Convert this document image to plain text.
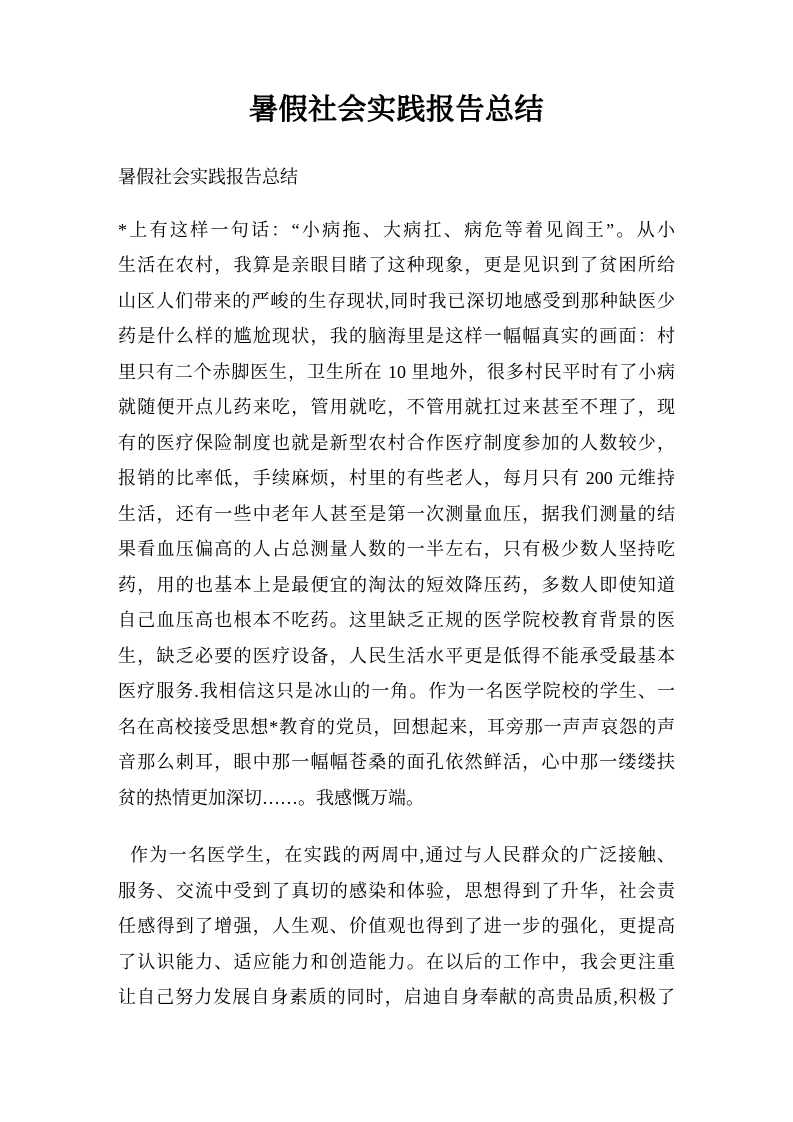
暑假社会实践报告总结
暑假社会实践报告总结
*上有这样一句话：“小病拖、大病扛、病危等着见阎王”。从小
生活在农村，我算是亲眼目睹了这种现象，更是见识到了贫困所给
山区人们带来的严峻的生存现状,同时我已深切地感受到那种缺医少
药是什么样的尴尬现状，我的脑海里是这样一幅幅真实的画面：村
里只有二个赤脚医生，卫生所在 10 里地外，很多村民平时有了小病
就随便开点儿药来吃，管用就吃，不管用就扛过来甚至不理了，现
有的医疗保险制度也就是新型农村合作医疗制度参加的人数较少，
报销的比率低，手续麻烦，村里的有些老人，每月只有 200 元维持
生活，还有一些中老年人甚至是第一次测量血压，据我们测量的结
果看血压偏高的人占总测量人数的一半左右，只有极少数人坚持吃
药，用的也基本上是最便宜的淘汰的短效降压药，多数人即使知道
自己血压高也根本不吃药。这里缺乏正规的医学院校教育背景的医
生，缺乏必要的医疗设备，人民生活水平更是低得不能承受最基本
医疗服务.我相信这只是冰山的一角。作为一名医学院校的学生、一
名在高校接受思想*教育的党员，回想起来，耳旁那一声声哀怨的声
音那么刺耳，眼中那一幅幅苍桑的面孔依然鲜活，心中那一缕缕扶
贫的热情更加深切……。我感慨万端。
作为一名医学生，在实践的两周中,通过与人民群众的广泛接触、
服务、交流中受到了真切的感染和体验，思想得到了升华，社会责
任感得到了增强，人生观、价值观也得到了进一步的强化，更提高
了认识能力、适应能力和创造能力。在以后的工作中，我会更注重
让自己努力发展自身素质的同时，启迪自身奉献的高贵品质,积极了
